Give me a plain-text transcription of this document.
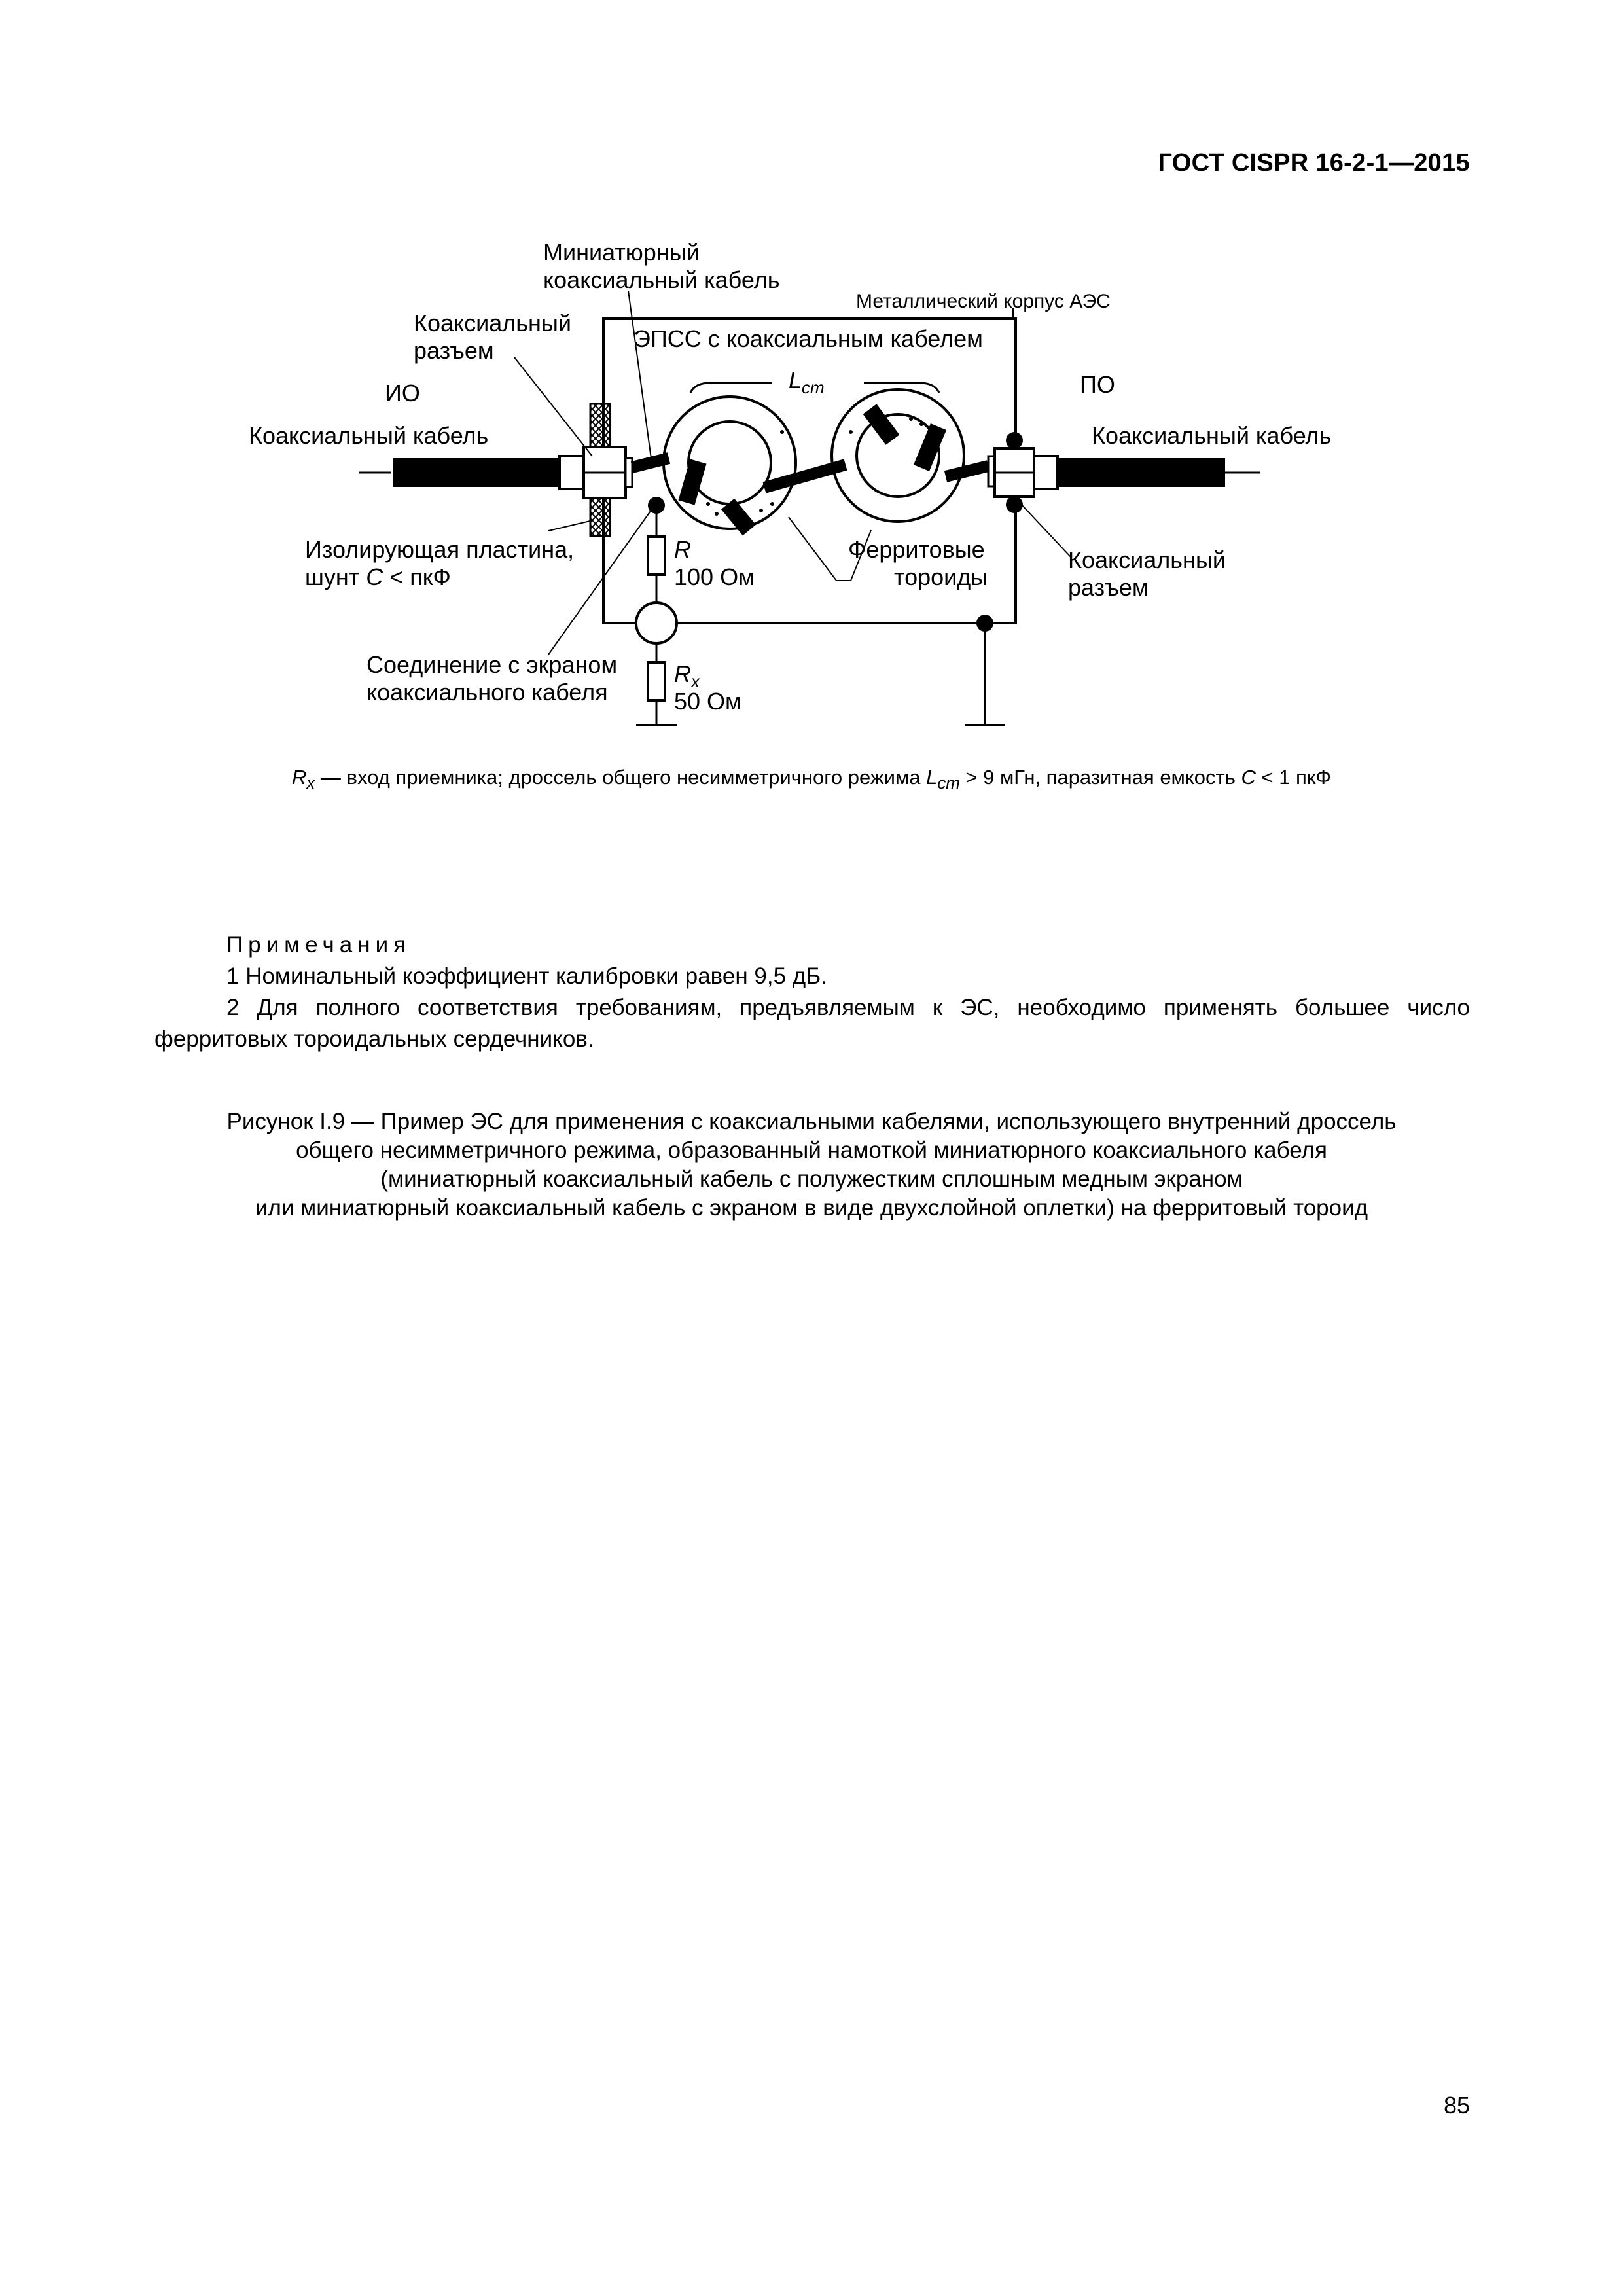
ГОСТ CISPR 16-2-1—2015
Миниатюрный
коаксиальный кабель
Металлический корпус АЭС
Коаксиальный
разъем	ЭПСС с коаксиальным кабелем
$L_{cm}$
ИО	ПО
Коаксиальный кабель	Коаксиальный кабель
Изолирующая пластина,
шунт C < пкФ
R
100 Ом
Ферритовые
тороиды
Коаксиальный
разъем
Соединение с экраном
коаксиального кабеля
$R_x$
50 Ом
$R_x$ — вход приемника; дроссель общего несимметричного режима $L_{cm} > 9$ мГн, паразитная емкость C < 1 пкФ
Примечания
1 Номинальный коэффициент калибровки равен 9,5 дБ.
2 Для полного соответствия требованиям, предъявляемым к ЭС, необходимо применять большее число ферритовых тороидальных сердечников.
Рисунок I.9 — Пример ЭС для применения с коаксиальными кабелями, использующего внутренний дроссель
общего несимметричного режима, образованный намоткой миниатюрного коаксиального кабеля
(миниатюрный коаксиальный кабель с полужестким сплошным медным экраном
или миниатюрный коаксиальный кабель с экраном в виде двухслойной оплетки) на ферритовый тороид
85
